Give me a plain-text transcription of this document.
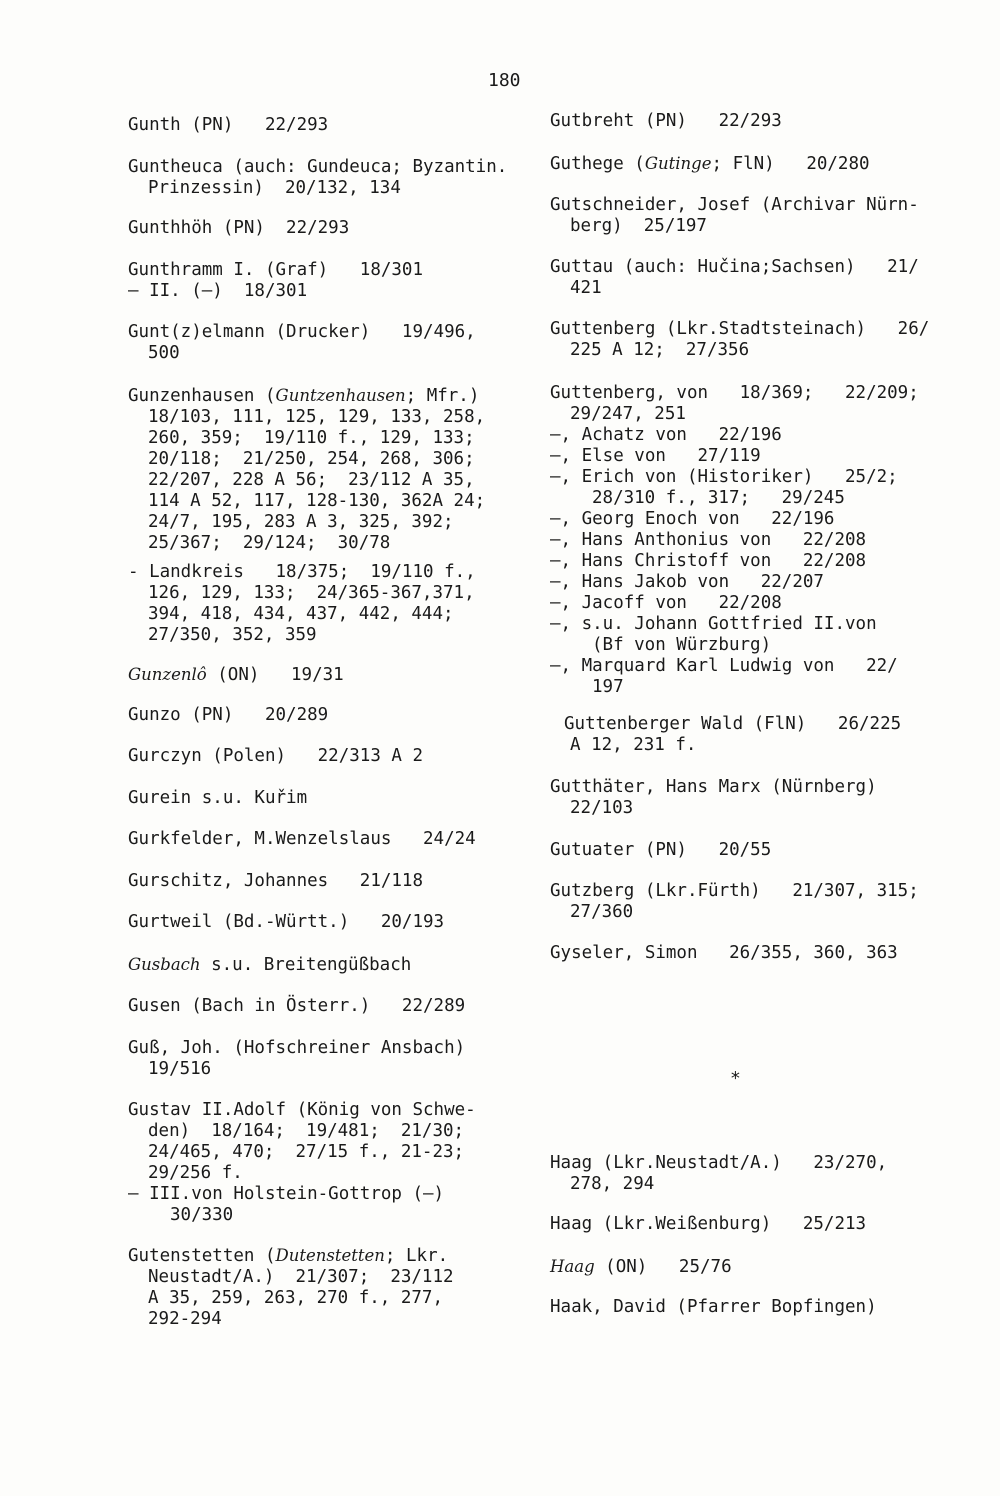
180
Gunth (PN)   22/293
Guntheuca (auch: Gundeuca; Byzantin.
Prinzessin)  20/132, 134
Gunthhöh (PN)  22/293
Gunthramm I. (Graf)   18/301
— II. (—)  18/301
Gunt(z)elmann (Drucker)   19/496,
500
Gunzenhausen (Guntzenhausen; Mfr.)
18/103, 111, 125, 129, 133, 258,
260, 359;  19/110 f., 129, 133;
20/118;  21/250, 254, 268, 306;
22/207, 228 A 56;  23/112 A 35,
114 A 52, 117, 128-130, 362A 24;
24/7, 195, 283 A 3, 325, 392;
25/367;  29/124;  30/78
- Landkreis   18/375;  19/110 f.,
126, 129, 133;  24/365-367,371,
394, 418, 434, 437, 442, 444;
27/350, 352, 359
Gunzenlô (ON)   19/31
Gunzo (PN)   20/289
Gurczyn (Polen)   22/313 A 2
Gurein s.u. Kuřim
Gurkfelder, M.Wenzelslaus   24/24
Gurschitz, Johannes   21/118
Gurtweil (Bd.-Württ.)   20/193
Gusbach s.u. Breitengüßbach
Gusen (Bach in Österr.)   22/289
Guß, Joh. (Hofschreiner Ansbach)
19/516
Gustav II.Adolf (König von Schwe-
den)  18/164;  19/481;  21/30;
24/465, 470;  27/15 f., 21-23;
29/256 f.
— III.von Holstein-Gottrop (—)
30/330
Gutenstetten (Dutenstetten; Lkr.
Neustadt/A.)  21/307;  23/112
A 35, 259, 263, 270 f., 277,
292-294
Gutbreht (PN)   22/293
Guthege (Gutinge; FlN)   20/280
Gutschneider, Josef (Archivar Nürn-
berg)  25/197
Guttau (auch: Hučina;Sachsen)   21/
421
Guttenberg (Lkr.Stadtsteinach)   26/
225 A 12;  27/356
Guttenberg, von   18/369;   22/209;
29/247, 251
—, Achatz von   22/196
—, Else von   27/119
—, Erich von (Historiker)   25/2;
28/310 f., 317;   29/245
—, Georg Enoch von   22/196
—, Hans Anthonius von   22/208
—, Hans Christoff von   22/208
—, Hans Jakob von   22/207
—, Jacoff von   22/208
—, s.u. Johann Gottfried II.von
(Bf von Würzburg)
—, Marquard Karl Ludwig von   22/
197
Guttenberger Wald (FlN)   26/225
A 12, 231 f.
Gutthäter, Hans Marx (Nürnberg)
22/103
Gutuater (PN)   20/55
Gutzberg (Lkr.Fürth)   21/307, 315;
27/360
Gyseler, Simon   26/355, 360, 363
Haag (Lkr.Neustadt/A.)   23/270,
278, 294
Haag (Lkr.Weißenburg)   25/213
Haag (ON)   25/76
Haak, David (Pfarrer Bopfingen)
*
